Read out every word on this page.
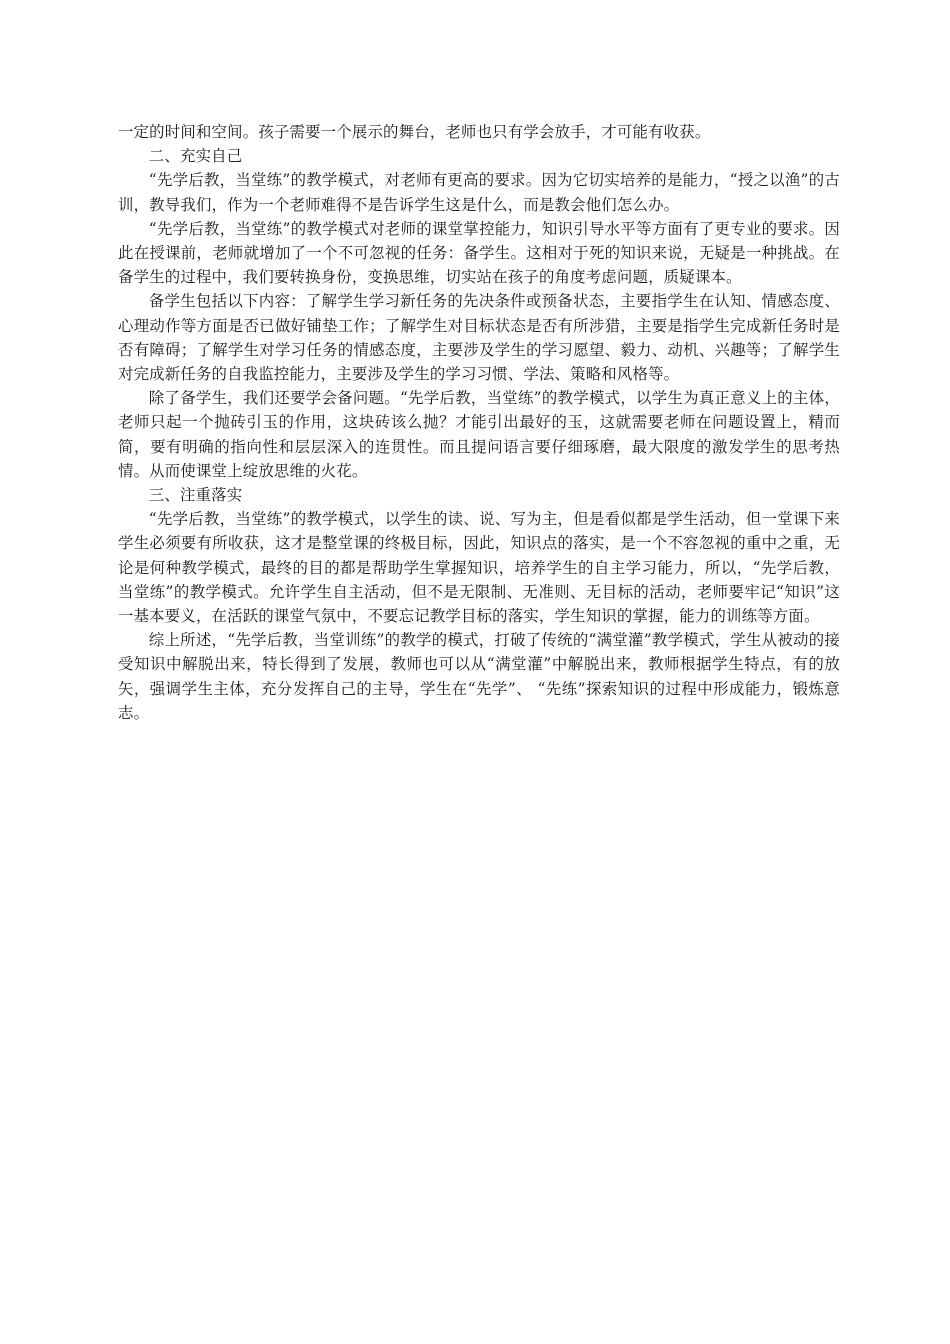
一定的时间和空间。孩子需要一个展示的舞台，老师也只有学会放手，才可能有收获。

二、充实自己

“先学后教，当堂练”的教学模式，对老师有更高的要求。因为它切实培养的是能力，“授之以渔”的古训，教导我们，作为一个老师难得不是告诉学生这是什么，而是教会他们怎么办。

“先学后教，当堂练”的教学模式对老师的课堂掌控能力，知识引导水平等方面有了更专业的要求。因此在授课前，老师就增加了一个不可忽视的任务：备学生。这相对于死的知识来说，无疑是一种挑战。在备学生的过程中，我们要转换身份，变换思维，切实站在孩子的角度考虑问题，质疑课本。

备学生包括以下内容：了解学生学习新任务的先决条件或预备状态，主要指学生在认知、情感态度、心理动作等方面是否已做好铺垫工作；了解学生对目标状态是否有所涉猎，主要是指学生完成新任务时是否有障碍；了解学生对学习任务的情感态度，主要涉及学生的学习愿望、毅力、动机、兴趣等；了解学生对完成新任务的自我监控能力，主要涉及学生的学习习惯、学法、策略和风格等。

除了备学生，我们还要学会备问题。“先学后教，当堂练”的教学模式，以学生为真正意义上的主体，老师只起一个抛砖引玉的作用，这块砖该么抛？才能引出最好的玉，这就需要老师在问题设置上，精而简，要有明确的指向性和层层深入的连贯性。而且提问语言要仔细琢磨，最大限度的激发学生的思考热情。从而使课堂上绽放思维的火花。

三、注重落实

“先学后教，当堂练”的教学模式，以学生的读、说、写为主，但是看似都是学生活动，但一堂课下来学生必须要有所收获，这才是整堂课的终极目标，因此，知识点的落实，是一个不容忽视的重中之重，无论是何种教学模式，最终的目的都是帮助学生掌握知识，培养学生的自主学习能力，所以，“先学后教，当堂练”的教学模式。允许学生自主活动，但不是无限制、无准则、无目标的活动，老师要牢记“知识”这一基本要义，在活跃的课堂气氛中，不要忘记教学目标的落实，学生知识的掌握，能力的训练等方面。

综上所述，“先学后教，当堂训练”的教学的模式，打破了传统的“满堂灌”教学模式，学生从被动的接受知识中解脱出来，特长得到了发展，教师也可以从“满堂灌”中解脱出来，教师根据学生特点，有的放矢，强调学生主体，充分发挥自己的主导，学生在“先学”、 “先练”探索知识的过程中形成能力，锻炼意志。
